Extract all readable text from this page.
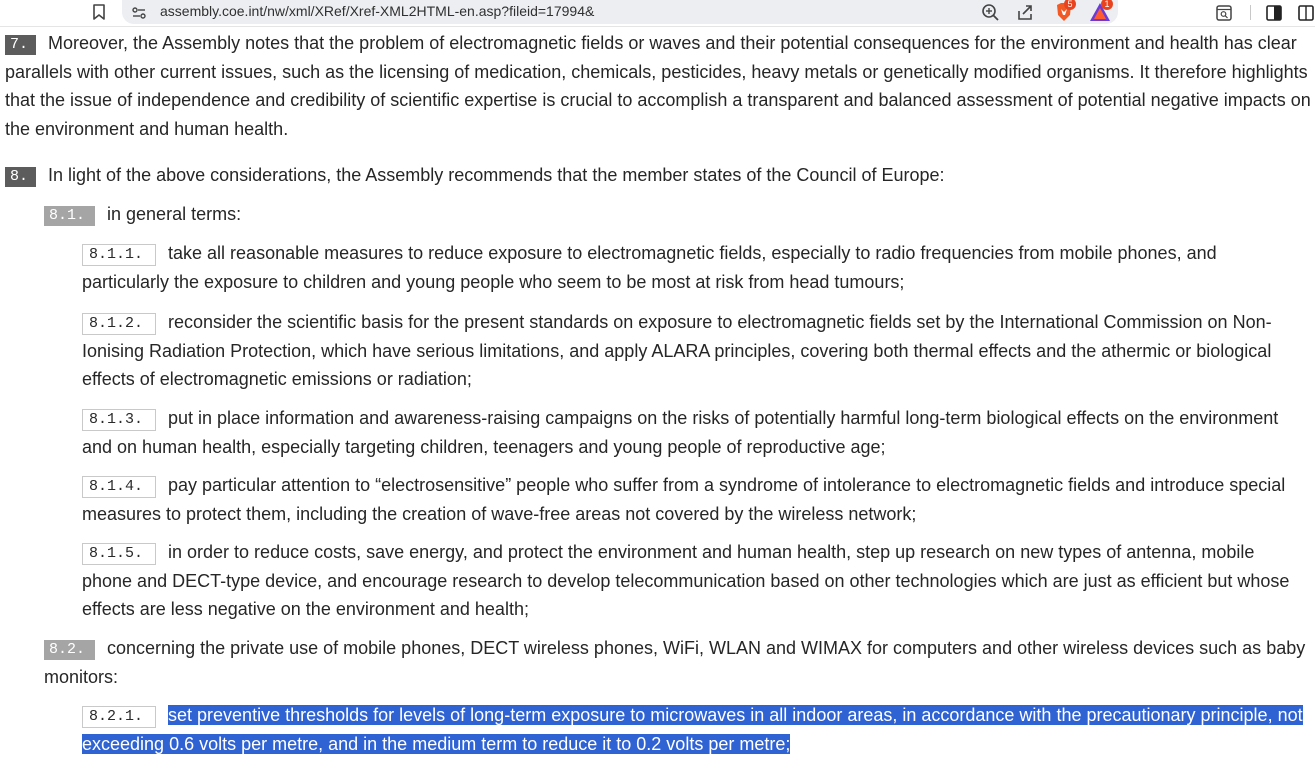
assembly.coe.int/nw/xml/XRef/Xref-XML2HTML-en.asp?fileid=17994&	5	1
7. Moreover, the Assembly notes that the problem of electromagnetic fields or waves and their potential consequences for the environment and health has clear parallels with other current issues, such as the licensing of medication, chemicals, pesticides, heavy metals or genetically modified organisms. It therefore highlights that the issue of independence and credibility of scientific expertise is crucial to accomplish a transparent and balanced assessment of potential negative impacts on the environment and human health.
8. In light of the above considerations, the Assembly recommends that the member states of the Council of Europe:
8.1. in general terms:
8.1.1. take all reasonable measures to reduce exposure to electromagnetic fields, especially to radio frequencies from mobile phones, and particularly the exposure to children and young people who seem to be most at risk from head tumours;
8.1.2. reconsider the scientific basis for the present standards on exposure to electromagnetic fields set by the International Commission on Non-Ionising Radiation Protection, which have serious limitations, and apply ALARA principles, covering both thermal effects and the athermic or biological effects of electromagnetic emissions or radiation;
8.1.3. put in place information and awareness-raising campaigns on the risks of potentially harmful long-term biological effects on the environment and on human health, especially targeting children, teenagers and young people of reproductive age;
8.1.4. pay particular attention to “electrosensitive” people who suffer from a syndrome of intolerance to electromagnetic fields and introduce special measures to protect them, including the creation of wave-free areas not covered by the wireless network;
8.1.5. in order to reduce costs, save energy, and protect the environment and human health, step up research on new types of antenna, mobile phone and DECT-type device, and encourage research to develop telecommunication based on other technologies which are just as efficient but whose effects are less negative on the environment and health;
8.2. concerning the private use of mobile phones, DECT wireless phones, WiFi, WLAN and WIMAX for computers and other wireless devices such as baby monitors:
8.2.1. set preventive thresholds for levels of long-term exposure to microwaves in all indoor areas, in accordance with the precautionary principle, not exceeding 0.6 volts per metre, and in the medium term to reduce it to 0.2 volts per metre;
